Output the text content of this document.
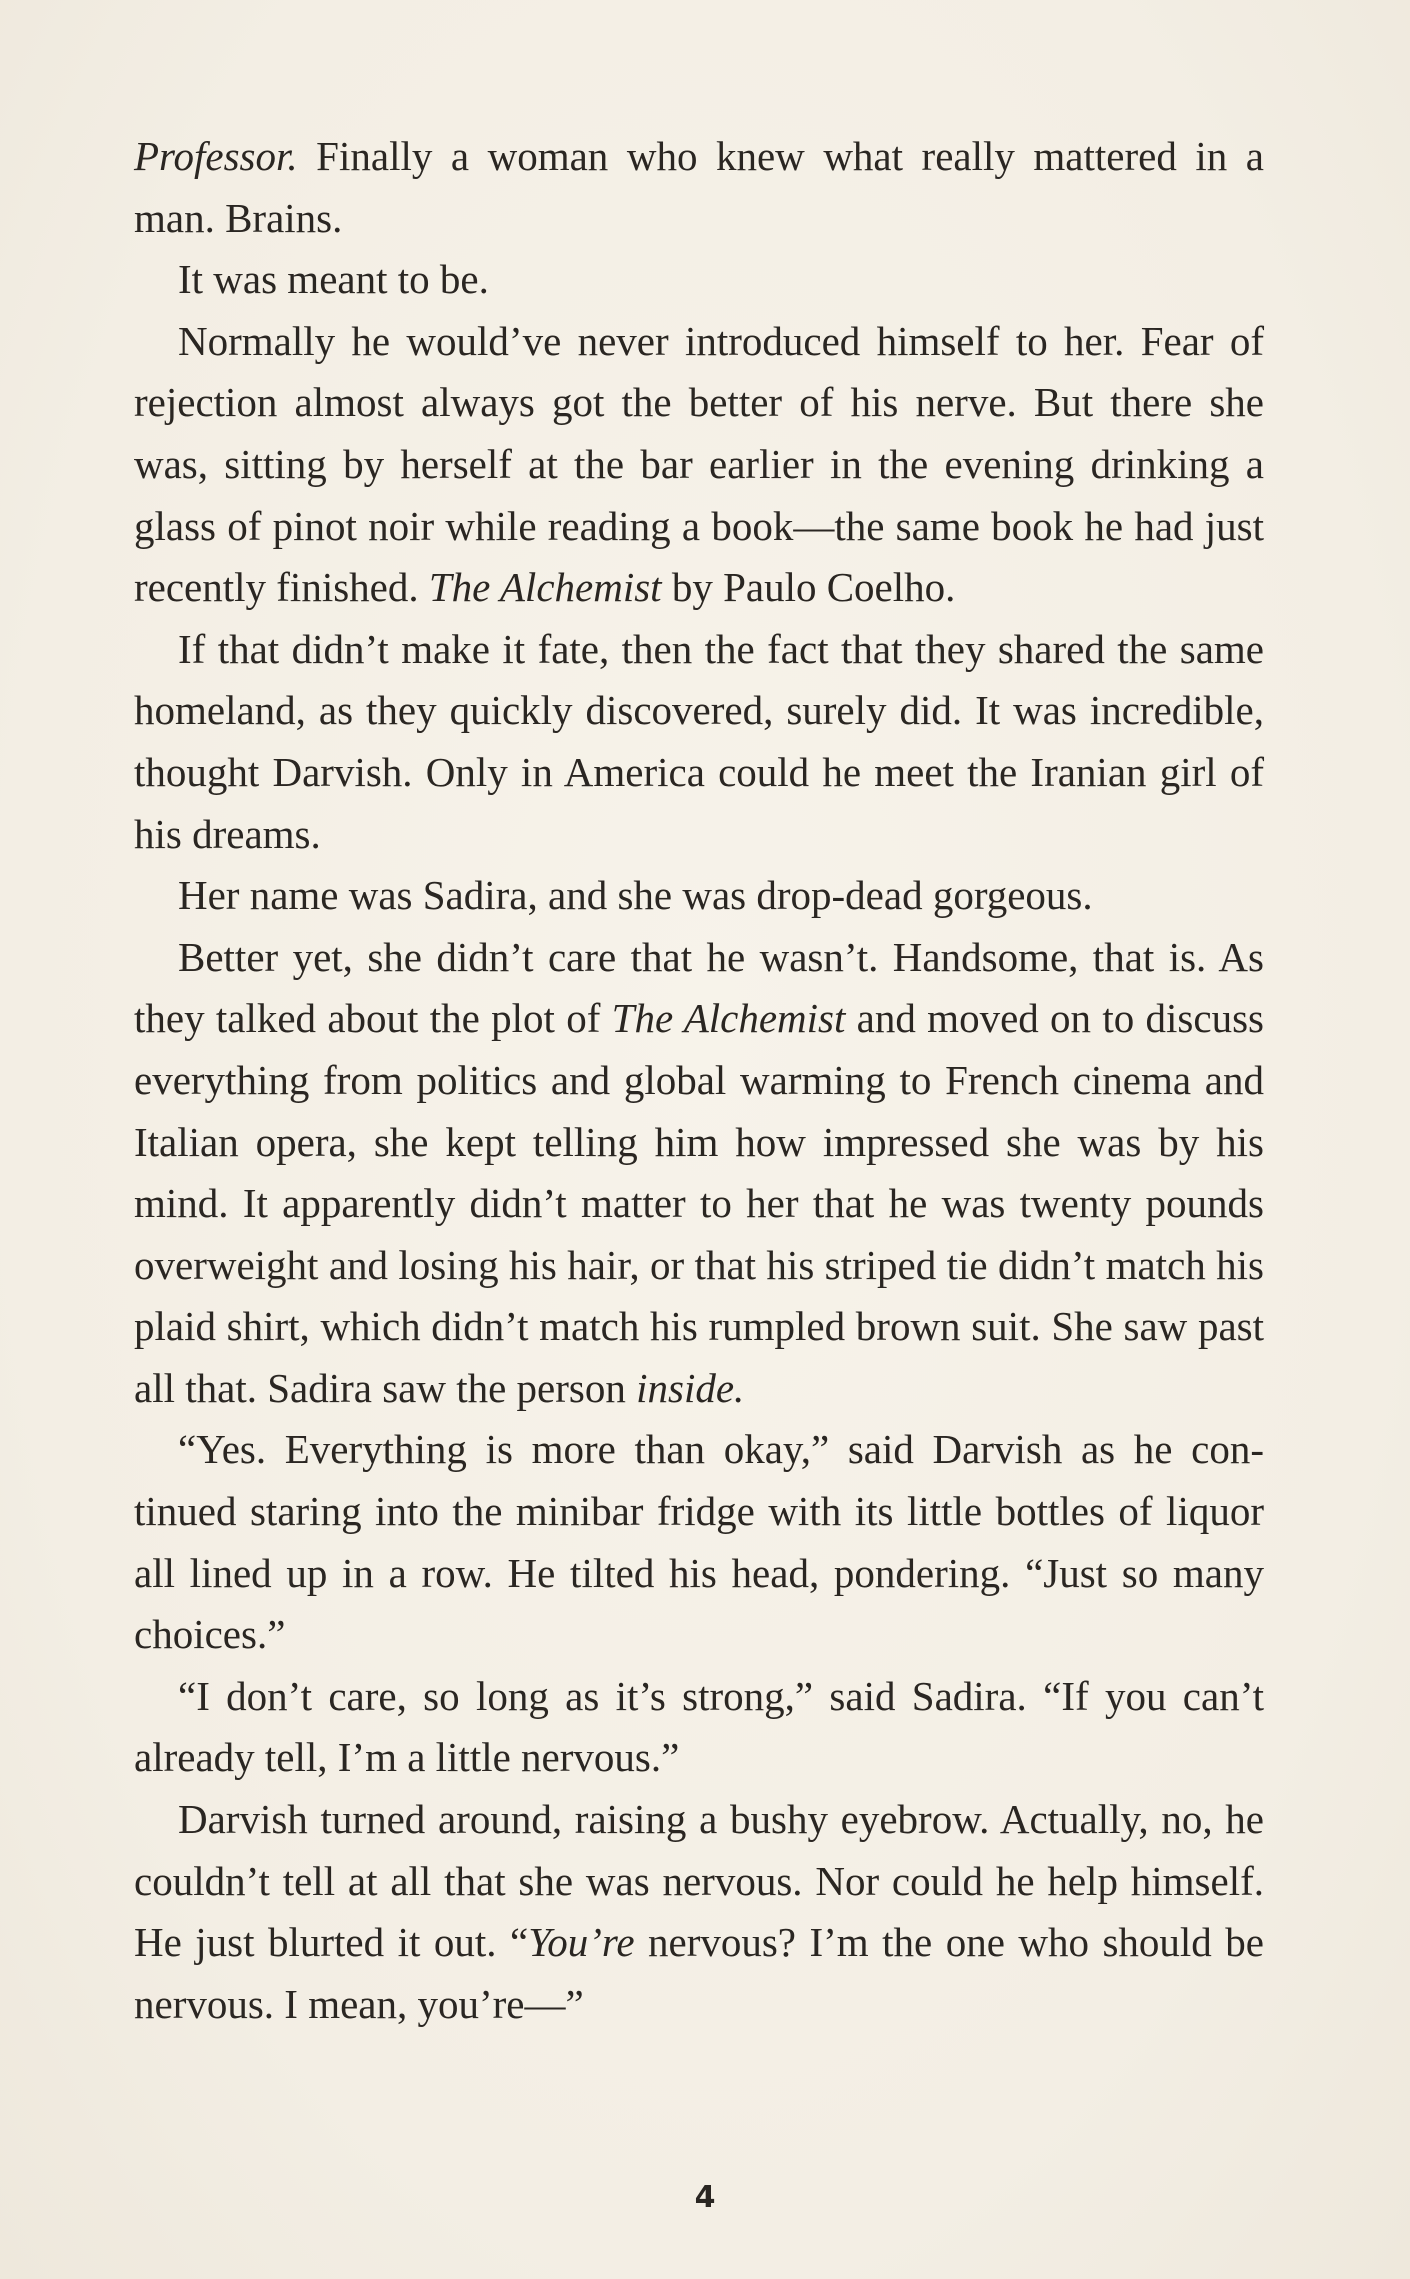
Professor. Finally a woman who knew what really mattered in a man. Brains.

It was meant to be.

Normally he would’ve never introduced himself to her. Fear of rejection almost always got the better of his nerve. But there she was, sitting by herself at the bar earlier in the evening drinking a glass of pinot noir while reading a book—the same book he had just recently finished. The Alchemist by Paulo Coelho.

If that didn’t make it fate, then the fact that they shared the same homeland, as they quickly discovered, surely did. It was incredible, thought Darvish. Only in America could he meet the Iranian girl of his dreams.

Her name was Sadira, and she was drop-dead gorgeous.

Better yet, she didn’t care that he wasn’t. Handsome, that is. As they talked about the plot of The Alchemist and moved on to discuss everything from politics and global warming to French cinema and Italian opera, she kept telling him how impressed she was by his mind. It apparently didn’t matter to her that he was twenty pounds overweight and losing his hair, or that his striped tie didn’t match his plaid shirt, which didn’t match his rumpled brown suit. She saw past all that. Sadira saw the person inside.

“Yes. Everything is more than okay,” said Darvish as he continued staring into the minibar fridge with its little bottles of liquor all lined up in a row. He tilted his head, pondering. “Just so many choices.”

“I don’t care, so long as it’s strong,” said Sadira. “If you can’t already tell, I’m a little nervous.”

Darvish turned around, raising a bushy eyebrow. Actually, no, he couldn’t tell at all that she was nervous. Nor could he help himself. He just blurted it out. “You’re nervous? I’m the one who should be nervous. I mean, you’re—”

4
